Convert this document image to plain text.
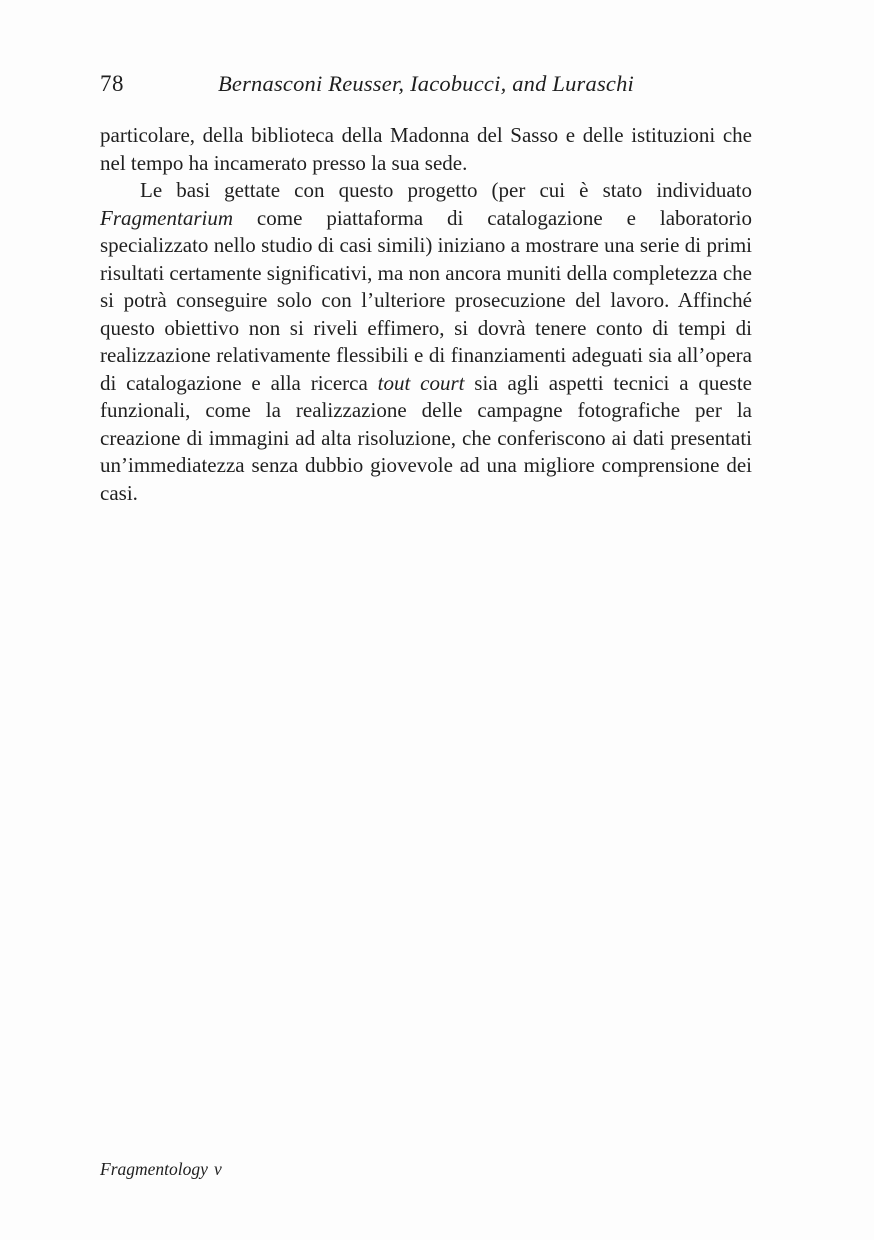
78	Bernasconi Reusser, Iacobucci, and Luraschi

particolare, della biblioteca della Madonna del Sasso e delle istituzioni che nel tempo ha incamerato presso la sua sede.

Le basi gettate con questo progetto (per cui è stato individuato Fragmentarium come piattaforma di catalogazione e laboratorio specializzato nello studio di casi simili) iniziano a mostrare una serie di primi risultati certamente significativi, ma non ancora muniti della completezza che si potrà conseguire solo con l’ulteriore prosecuzione del lavoro. Affinché questo obiettivo non si riveli effimero, si dovrà tenere conto di tempi di realizzazione relativamente flessibili e di finanziamenti adeguati sia all’opera di catalogazione e alla ricerca tout court sia agli aspetti tecnici a queste funzionali, come la realizzazione delle campagne fotografiche per la creazione di immagini ad alta risoluzione, che conferiscono ai dati presentati un’immediatezza senza dubbio giovevole ad una migliore comprensione dei casi.

Fragmentology v
